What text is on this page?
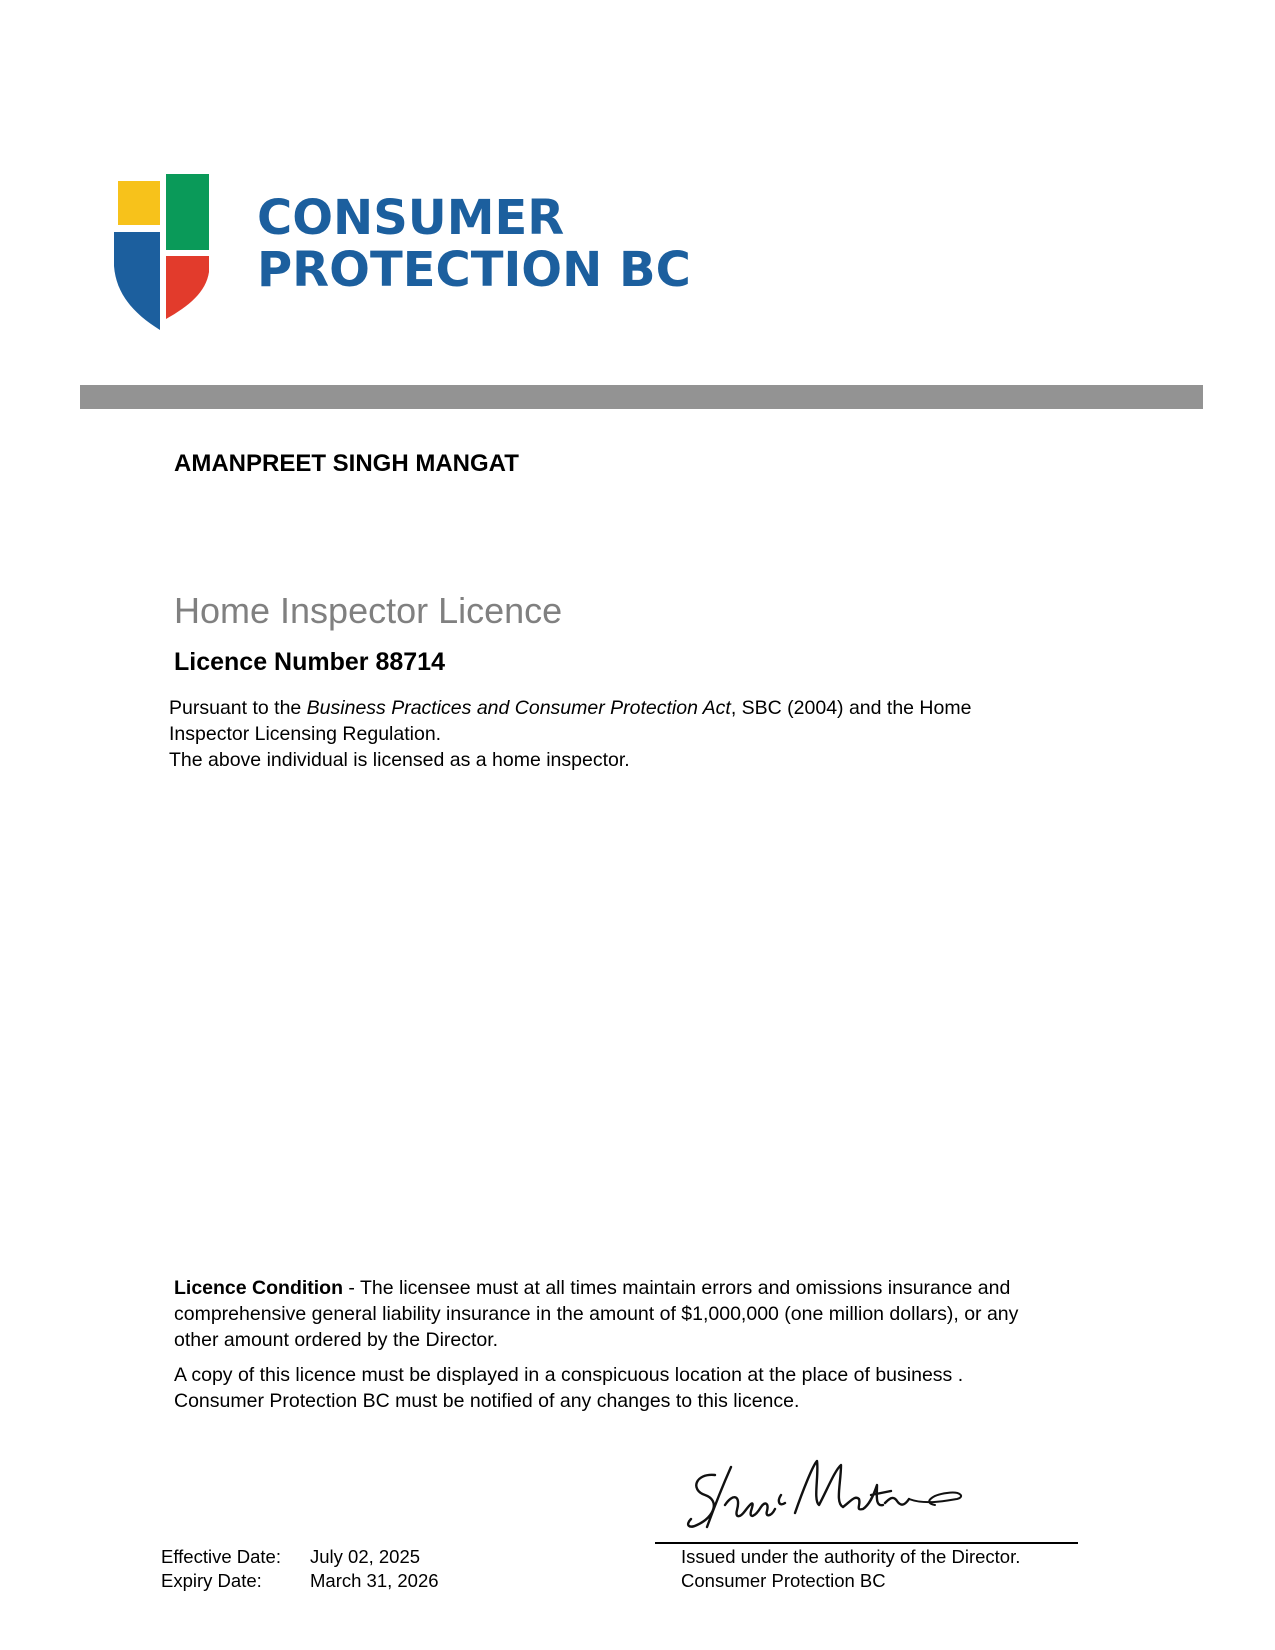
CONSUMER
PROTECTION BC
AMANPREET SINGH MANGAT
Home Inspector Licence
Licence Number 88714

Pursuant to the Business Practices and Consumer Protection Act, SBC (2004) and the Home Inspector Licensing Regulation.

The above individual is licensed as a home inspector.

Licence Condition - The licensee must at all times maintain errors and omissions insurance and comprehensive general liability insurance in the amount of $1,000,000 (one million dollars), or any other amount ordered by the Director.

A copy of this licence must be displayed in a conspicuous location at the place of business .

Consumer Protection BC must be notified of any changes to this licence.

Effective Date:	July 02, 2025
Expiry Date:	March 31, 2026

Issued under the authority of the Director.

Consumer Protection BC
